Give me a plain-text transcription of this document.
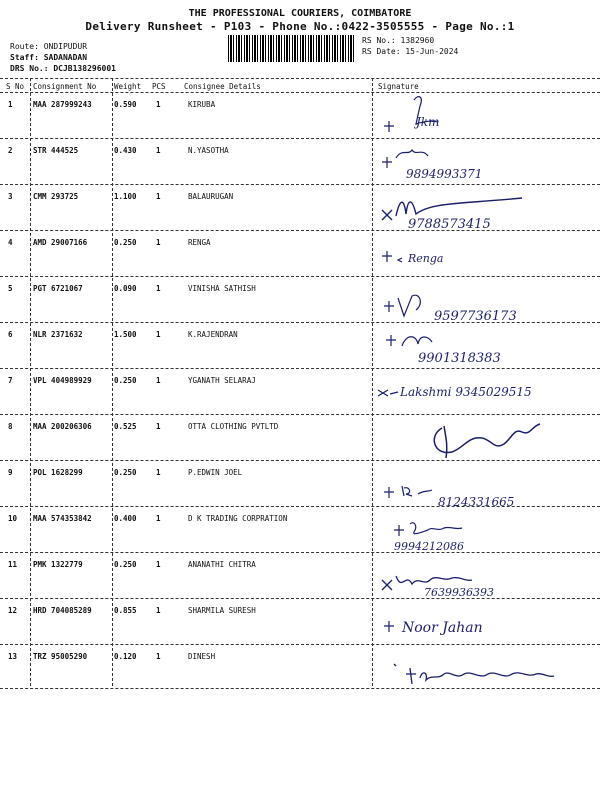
THE PROFESSIONAL COURIERS, COIMBATORE
Delivery Runsheet - P103 - Phone No.:0422-3505555 - Page No.:1
Route: ONDIPUDUR
Staff: SADANADAN
DRS No.: DCJB138296001
RS No.: 1382960
RS Date: 15-Jun-2024
S No Consignment No Weight PCS Consignee Details	Signature
1	MAA 287999243	0.590	1	KIRUBA
Jkm
2	STR 444525	0.430	1	N.YASOTHA
9894993371
3	CMM 293725	1.100	1	BALAURUGAN
9788573415
4	AMD 29007166	0.250	1	RENGA
Renga
5	PGT 6721067	0.090	1	VINISHA SATHISH
9597736173
6	NLR 2371632	1.500	1	K.RAJENDRAN
9901318383
7	VPL 404989929	0.250	1	YGANATH SELARAJ
Lakshmi 9345029515
8	MAA 200206306	0.525	1	OTTA CLOTHING PVTLTD
9	POL 1628299	0.250	1	P.EDWIN JOEL
8124331665
10 MAA 574353842	0.400	1	D K TRADING CORPRATION
9994212086
11 PMK 1322779	0.250	1	ANANATHI CHITRA
7639936393
12 HRD 704085289	0.855	1	SHARMILA SURESH
Noor Jahan
13 TRZ 95005290	0.120	1	DINESH
